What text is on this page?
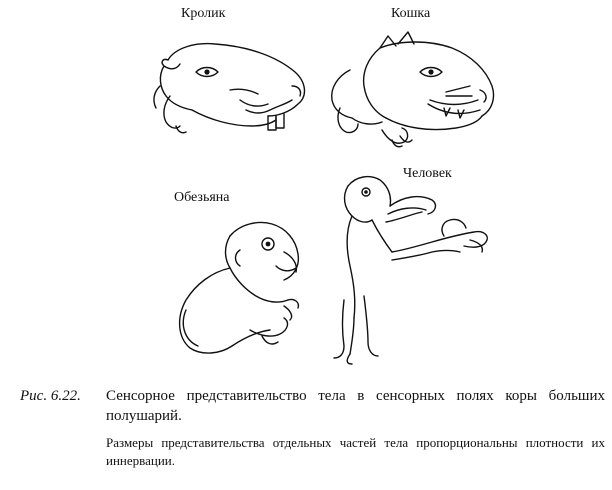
Кролик	Кошка
Обезьяна
Человек
Рис. 6.22.	Сенсорное представительство тела в сенсорных полях коры больших полушарий.
Размеры представительства отдельных частей тела пропорциональны плотности их иннервации.
